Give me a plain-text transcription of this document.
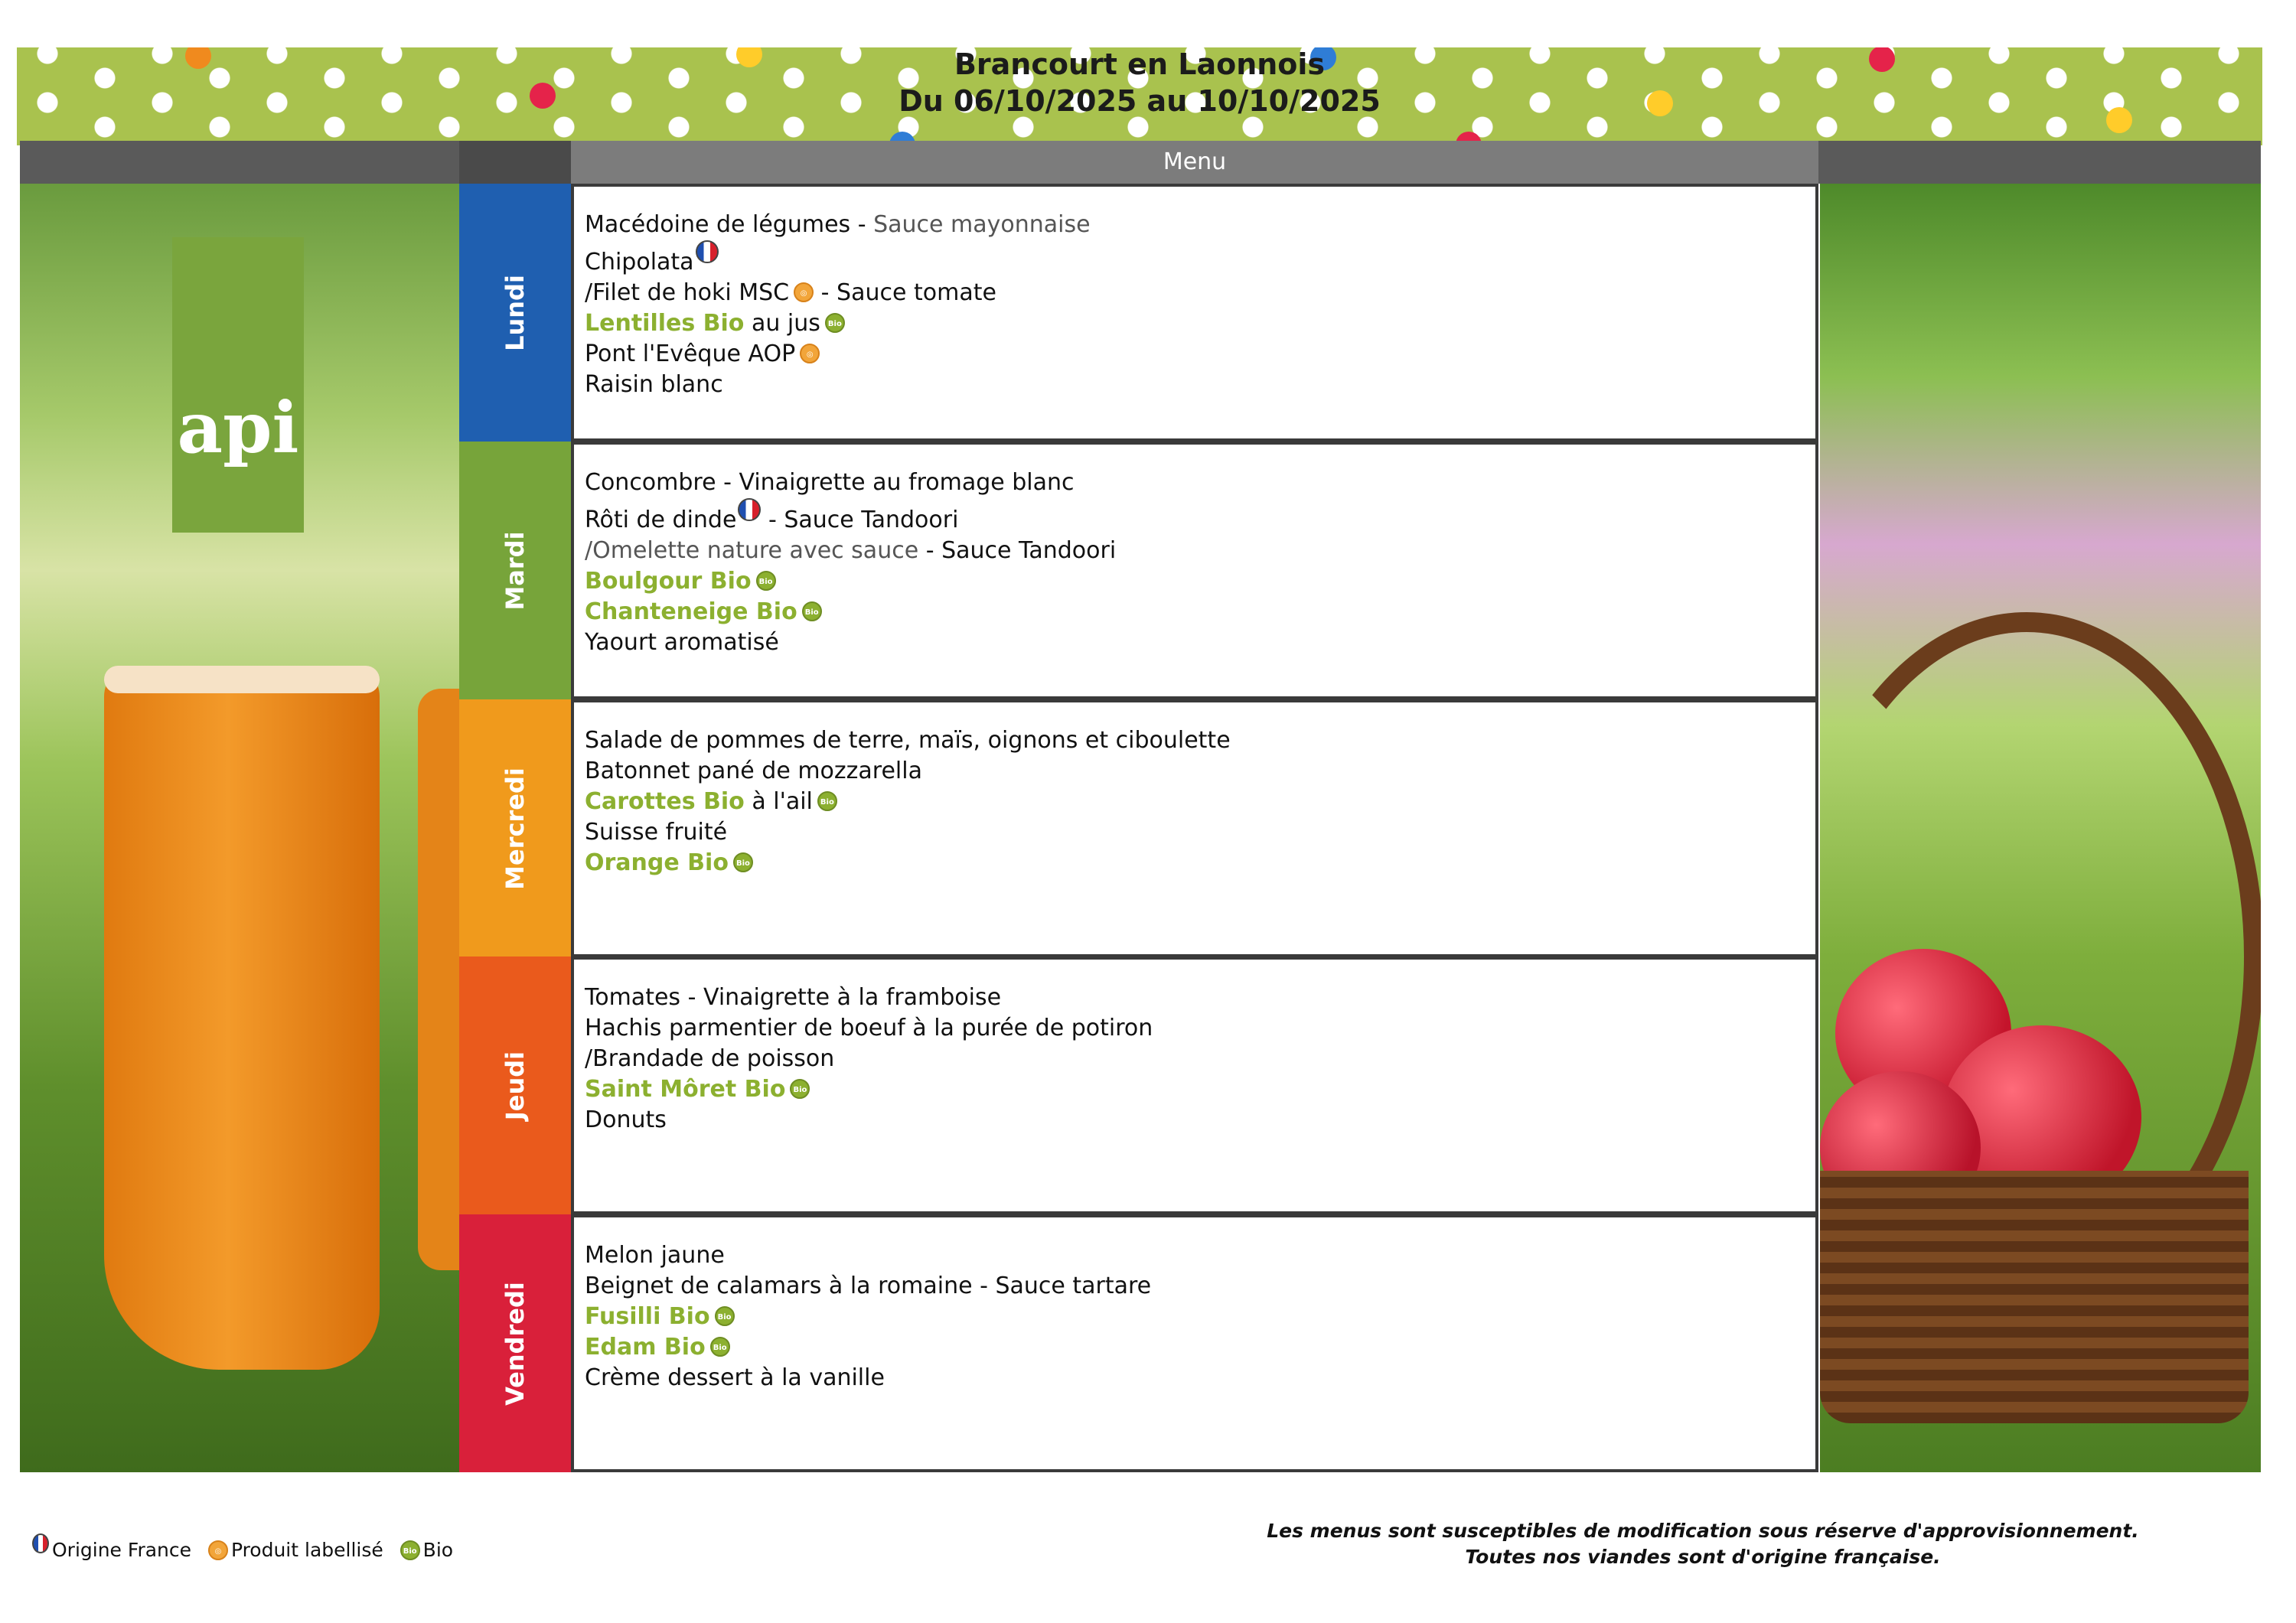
Brancourt en Laonnois
Du 06/10/2025 au 10/10/2025
Menu
api
Lundi
Macédoine de légumes - Sauce mayonnaise
Chipolata
/Filet de hoki MSC ◎ - Sauce tomate
Lentilles Bio au jus Bio
Pont l'Evêque AOP ◎
Raisin blanc
Mardi
Concombre - Vinaigrette au fromage blanc
Rôti de dinde - Sauce Tandoori
/Omelette nature avec sauce - Sauce Tandoori
Boulgour Bio Bio
Chanteneige Bio Bio
Yaourt aromatisé
Mercredi
Salade de pommes de terre, maïs, oignons et ciboulette
Batonnet pané de mozzarella
Carottes Bio à l'ail Bio
Suisse fruité
Orange Bio Bio
Jeudi
Tomates - Vinaigrette à la framboise
Hachis parmentier de boeuf à la purée de potiron
/Brandade de poisson
Saint Môret Bio Bio
Donuts
Vendredi
Melon jaune
Beignet de calamars à la romaine - Sauce tartare
Fusilli Bio Bio
Edam Bio Bio
Crème dessert à la vanille
Origine France	◎ Produit labellisé	Bio Bio
Les menus sont susceptibles de modification sous réserve d'approvisionnement.
Toutes nos viandes sont d'origine française.
